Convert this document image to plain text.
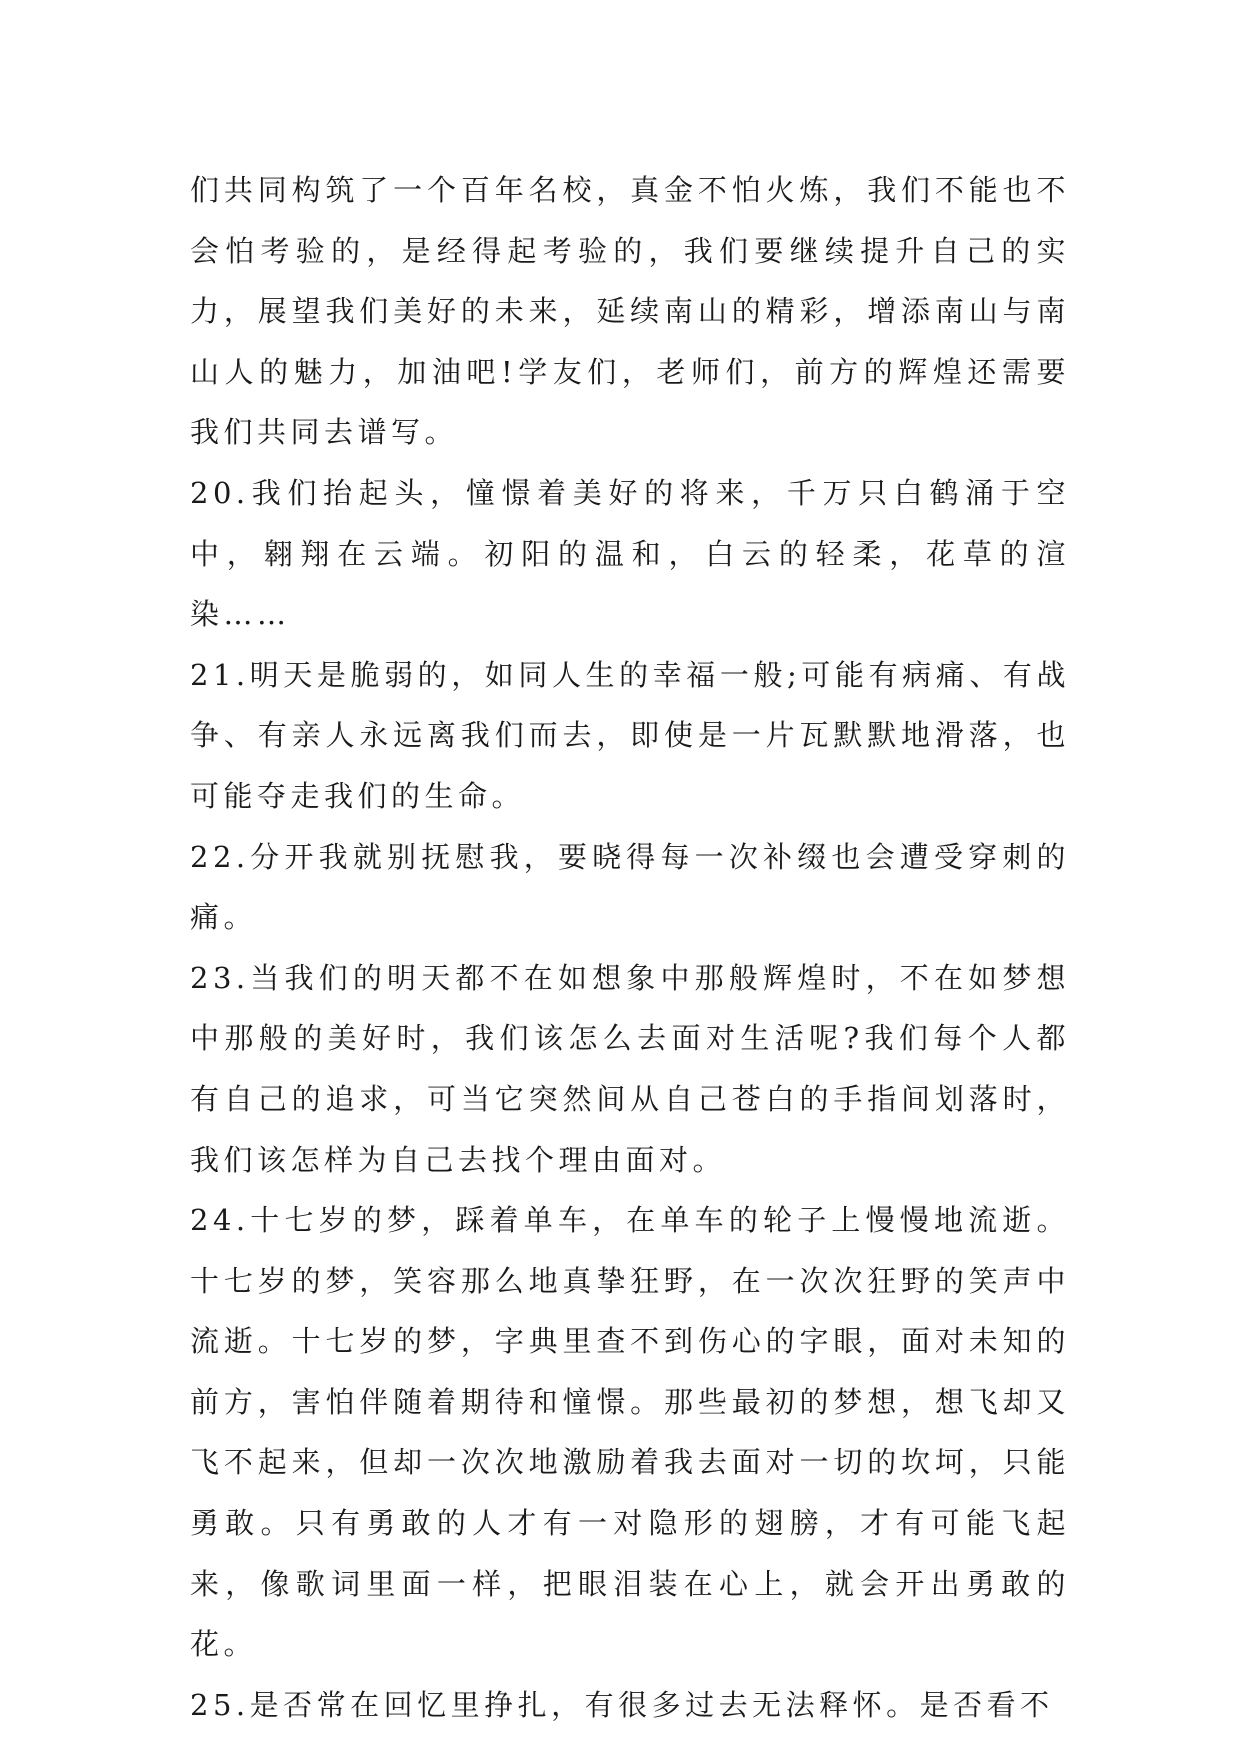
们共同构筑了一个百年名校，真金不怕火炼，我们不能也不会怕考验的，是经得起考验的，我们要继续提升自己的实力，展望我们美好的未来，延续南山的精彩，增添南山与南山人的魅力，加油吧!学友们，老师们，前方的辉煌还需要我们共同去谱写。

20.我们抬起头，憧憬着美好的将来，千万只白鹤涌于空中，翱翔在云端。初阳的温和，白云的轻柔，花草的渲染……

21.明天是脆弱的，如同人生的幸福一般;可能有病痛、有战争、有亲人永远离我们而去，即使是一片瓦默默地滑落，也可能夺走我们的生命。

22.分开我就别抚慰我，要晓得每一次补缀也会遭受穿刺的痛。

23.当我们的明天都不在如想象中那般辉煌时，不在如梦想中那般的美好时，我们该怎么去面对生活呢?我们每个人都有自己的追求，可当它突然间从自己苍白的手指间划落时，我们该怎样为自己去找个理由面对。

24.十七岁的梦，踩着单车，在单车的轮子上慢慢地流逝。十七岁的梦，笑容那么地真挚狂野，在一次次狂野的笑声中流逝。十七岁的梦，字典里查不到伤心的字眼，面对未知的前方，害怕伴随着期待和憧憬。那些最初的梦想，想飞却又飞不起来，但却一次次地激励着我去面对一切的坎坷，只能勇敢。只有勇敢的人才有一对隐形的翅膀，才有可能飞起来，像歌词里面一样，把眼泪装在心上，就会开出勇敢的花。

25.是否常在回忆里挣扎，有很多过去无法释怀。是否看不
